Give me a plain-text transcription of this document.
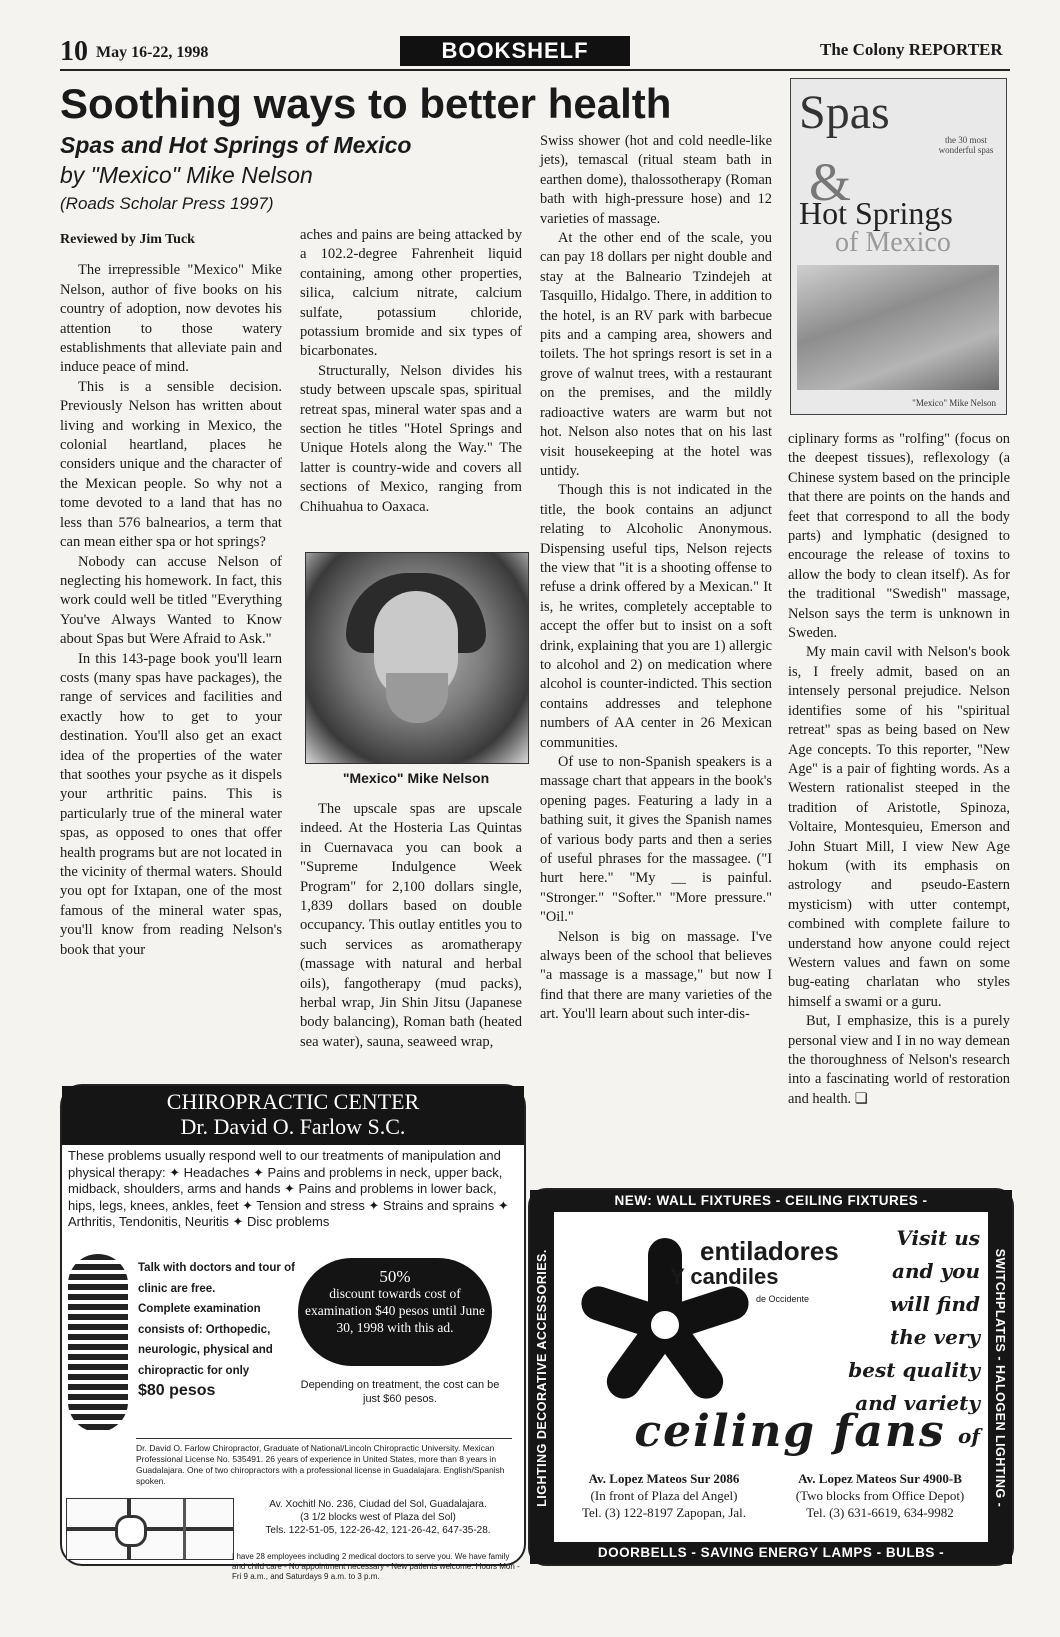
10 May 16-22, 1998	BOOKSHELF	The Colony REPORTER
Soothing ways to better health
Spas and Hot Springs of Mexico
by "Mexico" Mike Nelson
(Roads Scholar Press 1997)
Reviewed by Jim Tuck

The irrepressible "Mexico" Mike Nelson, author of five books on his country of adoption, now devotes his attention to those watery establishments that alleviate pain and induce peace of mind.

This is a sensible decision. Previously Nelson has written about living and working in Mexico, the colonial heartland, places he considers unique and the character of the Mexican people. So why not a tome devoted to a land that has no less than 576 balnearios, a term that can mean either spa or hot springs?

Nobody can accuse Nelson of neglecting his homework. In fact, this work could well be titled "Everything You've Always Wanted to Know about Spas but Were Afraid to Ask."

In this 143-page book you'll learn costs (many spas have packages), the range of services and facilities and exactly how to get to your destination. You'll also get an exact idea of the properties of the water that soothes your psyche as it dispels your arthritic pains. This is particularly true of the mineral water spas, as opposed to ones that offer health programs but are not located in the vicinity of thermal waters. Should you opt for Ixtapan, one of the most famous of the mineral water spas, you'll know from reading Nelson's book that your

aches and pains are being attacked by a 102.2-degree Fahrenheit liquid containing, among other properties, silica, calcium nitrate, calcium sulfate, potassium chloride, potassium bromide and six types of bicarbonates.

Structurally, Nelson divides his study between upscale spas, spiritual retreat spas, mineral water spas and a section he titles "Hotel Springs and Unique Hotels along the Way." The latter is country-wide and covers all sections of Mexico, ranging from Chihuahua to Oaxaca.

"Mexico" Mike Nelson

The upscale spas are upscale indeed. At the Hosteria Las Quintas in Cuernavaca you can book a "Supreme Indulgence Week Program" for 2,100 dollars single, 1,839 dollars based on double occupancy. This outlay entitles you to such services as aromatherapy (massage with natural and herbal oils), fangotherapy (mud packs), herbal wrap, Jin Shin Jitsu (Japanese body balancing), Roman bath (heated sea water), sauna, seaweed wrap,

Swiss shower (hot and cold needle-like jets), temascal (ritual steam bath in earthen dome), thalossotherapy (Roman bath with high-pressure hose) and 12 varieties of massage.

At the other end of the scale, you can pay 18 dollars per night double and stay at the Balneario Tzindejeh at Tasquillo, Hidalgo. There, in addition to the hotel, is an RV park with barbecue pits and a camping area, showers and toilets. The hot springs resort is set in a grove of walnut trees, with a restaurant on the premises, and the mildly radioactive waters are warm but not hot. Nelson also notes that on his last visit housekeeping at the hotel was untidy.

Though this is not indicated in the title, the book contains an adjunct relating to Alcoholic Anonymous. Dispensing useful tips, Nelson rejects the view that "it is a shooting offense to refuse a drink offered by a Mexican." It is, he writes, completely acceptable to accept the offer but to insist on a soft drink, explaining that you are 1) allergic to alcohol and 2) on medication where alcohol is counter-indicted. This section contains addresses and telephone numbers of AA center in 26 Mexican communities.

Of use to non-Spanish speakers is a massage chart that appears in the book's opening pages. Featuring a lady in a bathing suit, it gives the Spanish names of various body parts and then a series of useful phrases for the massagee. ("I hurt here." "My __ is painful. "Stronger." "Softer." "More pressure." "Oil."

Nelson is big on massage. I've always been of the school that believes "a massage is a massage," but now I find that there are many varieties of the art. You'll learn about such inter-dis-

Spas
the 30 most wonderful spas
&
Hot Springs
of Mexico
"Mexico" Mike Nelson

ciplinary forms as "rolfing" (focus on the deepest tissues), reflexology (a Chinese system based on the principle that there are points on the hands and feet that correspond to all the body parts) and lymphatic (designed to encourage the release of toxins to allow the body to clean itself). As for the traditional "Swedish" massage, Nelson says the term is unknown in Sweden.

My main cavil with Nelson's book is, I freely admit, based on an intensely personal prejudice. Nelson identifies some of his "spiritual retreat" spas as being based on New Age concepts. To this reporter, "New Age" is a pair of fighting words. As a Western rationalist steeped in the tradition of Aristotle, Spinoza, Voltaire, Montesquieu, Emerson and John Stuart Mill, I view New Age hokum (with its emphasis on astrology and pseudo-Eastern mysticism) with utter contempt, combined with complete failure to understand how anyone could reject Western values and fawn on some bug-eating charlatan who styles himself a swami or a guru.

But, I emphasize, this is a purely personal view and I in no way demean the thoroughness of Nelson's research into a fascinating world of restoration and health. ❏

CHIROPRACTIC CENTER
Dr. David O. Farlow S.C.
These problems usually respond well to our treatments of manipulation and physical therapy: ✦ Headaches ✦ Pains and problems in neck, upper back, midback, shoulders, arms and hands ✦ Pains and problems in lower back, hips, legs, knees, ankles, feet ✦ Tension and stress ✦ Strains and sprains ✦ Arthritis, Tendonitis, Neuritis ✦ Disc problems
Talk with doctors and tour of clinic are free.
Complete examination consists of: Orthopedic, neurologic, physical and chiropractic for only
$80 pesos
50%
discount towards cost of examination $40 pesos until June 30, 1998 with this ad.
Depending on treatment, the cost can be just $60 pesos.
Dr. David O. Farlow Chiropractor, Graduate of National/Lincoln Chiropractic University. Mexican Professional License No. 535491. 26 years of experience in United States, more than 8 years in Guadalajara. One of two chiropractors with a professional license in Guadalajara. English/Spanish spoken.
Av. Xochitl No. 236, Ciudad del Sol, Guadalajara.
(3 1/2 blocks west of Plaza del Sol)
Tels. 122-51-05, 122-26-42, 121-26-42, 647-35-28.
I have 28 employees including 2 medical doctors to serve you. We have family and child care - No appointment necessary - New patients welcome. Hours Mon - Fri 9 a.m., and Saturdays 9 a.m. to 3 p.m.
NEW: WALL FIXTURES - CEILING FIXTURES -
DOORBELLS - SAVING ENERGY LAMPS - BULBS -
LIGHTING DECORATIVE ACCESSORIES.	SWITCHPLATES - HALOGEN LIGHTING -
entiladores
Y candiles
de Occidente
Visit us
and you
will find
the very
best quality
and variety of
ceiling fans
Av. Lopez Mateos Sur 2086
(In front of Plaza del Angel)
Tel. (3) 122-8197 Zapopan, Jal.
Av. Lopez Mateos Sur 4900-B
(Two blocks from Office Depot)
Tel. (3) 631-6619, 634-9982
